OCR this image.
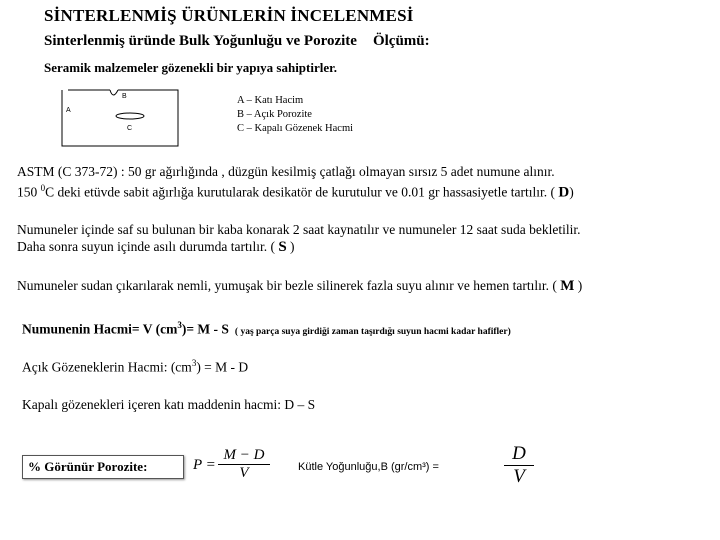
SİNTERLENMİŞ ÜRÜNLERİN İNCELENMESİ
Sinterlenmiş üründe Bulk Yoğunluğu ve Porozite Ölçümü:
Seramik malzemeler gözenekli bir yapıya sahiptirler.
A
B
C
A – Katı Hacim
B – Açık Porozite
C – Kapalı Gözenek Hacmi
ASTM (C 373-72) : 50 gr ağırlığında , düzgün kesilmiş çatlağı olmayan sırsız 5 adet numune alınır.
150 $^0$C deki etüvde sabit ağırlığa kurutularak desikatör de kurutulur ve 0.01 gr hassasiyetle tartılır. ( D)
Numuneler içinde saf su bulunan bir kaba konarak 2 saat kaynatılır ve numuneler 12 saat suda bekletilir.
Daha sonra suyun içinde asılı durumda tartılır. ( S )
Numuneler sudan çıkarılarak nemli, yumuşak bir bezle silinerek fazla suyu alınır ve hemen tartılır. ( M )
Numunenin Hacmi= V $(cm^3)= M - S$ ( yaş parça suya girdiği zaman taşırdığı suyun hacmi kadar hafifler)
Açık Gözeneklerin Hacmi: $(cm^3) = M - D$
Kapalı gözenekleri içeren katı maddenin hacmi: D – S
% Görünür Porozite:	P =
M − D
V	Kütle Yoğunluğu,B (gr/cm³) =
D
V
